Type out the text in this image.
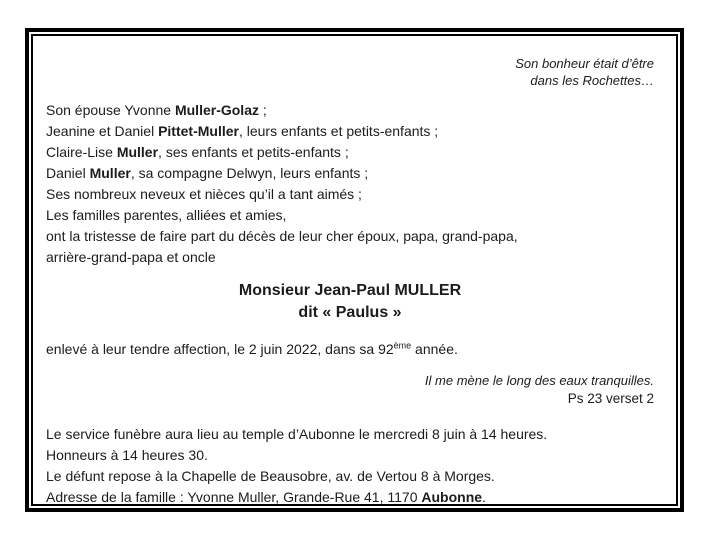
Son bonheur était d’être
dans les Rochettes…
Son épouse Yvonne Muller-Golaz ;
Jeanine et Daniel Pittet-Muller, leurs enfants et petits-enfants ;
Claire-Lise Muller, ses enfants et petits-enfants ;
Daniel Muller, sa compagne Delwyn, leurs enfants ;
Ses nombreux neveux et nièces qu’il a tant aimés ;
Les familles parentes, alliées et amies,
ont la tristesse de faire part du décès de leur cher époux, papa, grand-papa,
arrière-grand-papa et oncle
Monsieur Jean-Paul MULLER
dit « Paulus »
enlevé à leur tendre affection, le 2 juin 2022, dans sa 92ème année.
Il me mène le long des eaux tranquilles.
Ps 23 verset 2
Le service funèbre aura lieu au temple d’Aubonne le mercredi 8 juin à 14 heures.
Honneurs à 14 heures 30.
Le défunt repose à la Chapelle de Beausobre, av. de Vertou 8 à Morges.
Adresse de la famille : Yvonne Muller, Grande-Rue 41, 1170 Aubonne.
